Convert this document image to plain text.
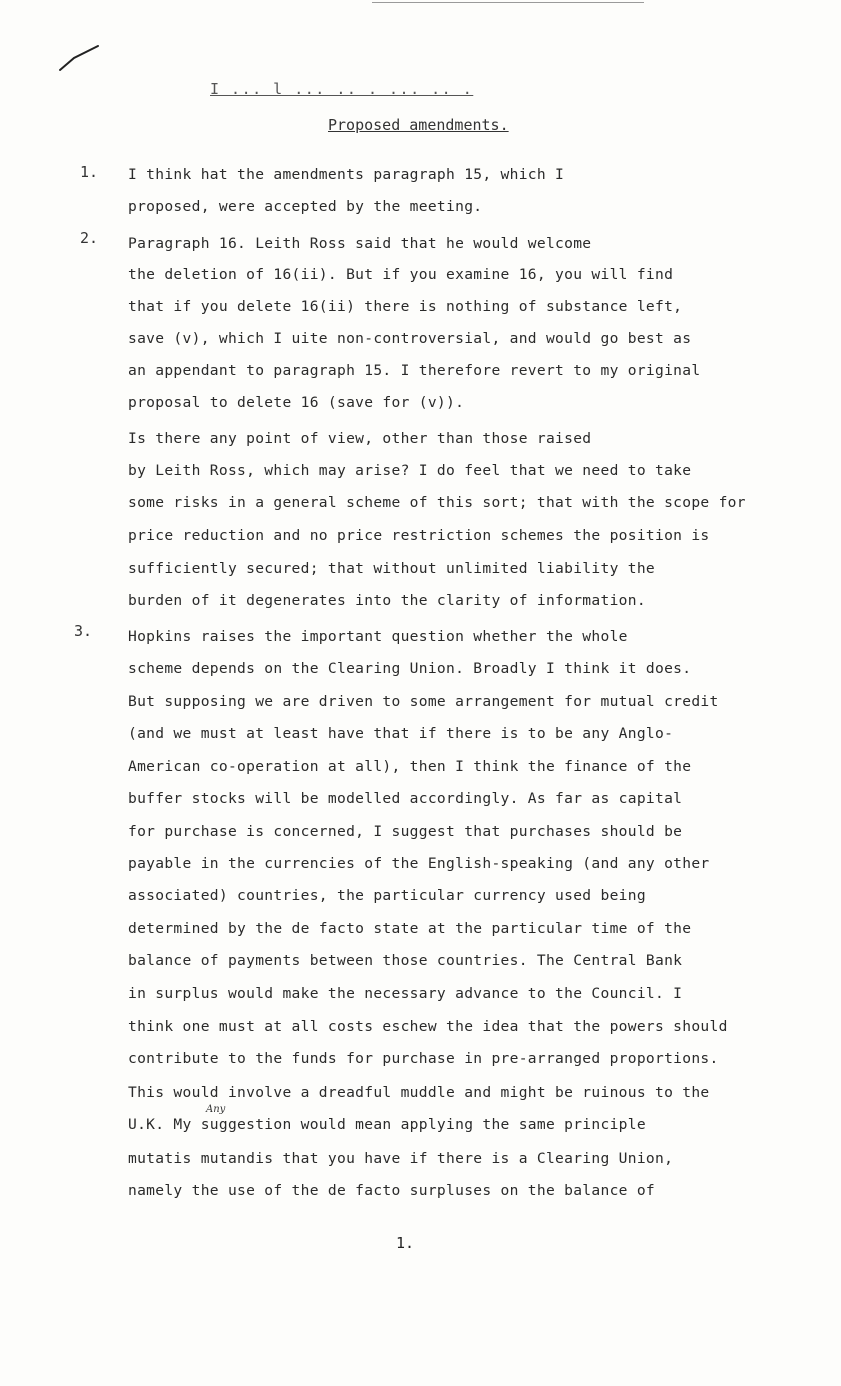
I ... l ... .. . ... .. .
Proposed amendments.
1. I think hat the amendments paragraph 15, which I
proposed, were accepted by the meeting.
2. Paragraph 16. Leith Ross said that he would welcome
the deletion of 16(ii). But if you examine 16, you will find
that if you delete 16(ii) there is nothing of substance left,
save (v), which I uite non-controversial, and would go best as
an appendant to paragraph 15. I therefore revert to my original
proposal to delete 16 (save for (v)).
Is there any point of view, other than those raised
by Leith Ross, which may arise? I do feel that we need to take
some risks in a general scheme of this sort; that with the scope for
price reduction and no price restriction schemes the position is
sufficiently secured; that without unlimited liability the
burden of it degenerates into the clarity of information.
3. Hopkins raises the important question whether the whole
scheme depends on the Clearing Union. Broadly I think it does.
But supposing we are driven to some arrangement for mutual credit
(and we must at least have that if there is to be any Anglo-
American co-operation at all), then I think the finance of the
buffer stocks will be modelled accordingly. As far as capital
for purchase is concerned, I suggest that purchases should be
payable in the currencies of the English-speaking (and any other
associated) countries, the particular currency used being
determined by the de facto state at the particular time of the
balance of payments between those countries. The Central Bank
in surplus would make the necessary advance to the Council. I
think one must at all costs eschew the idea that the powers should
contribute to the funds for purchase in pre-arranged proportions.
This would involve a dreadful muddle and might be ruinous to the
Any
U.K. My suggestion would mean applying the same principle
mutatis mutandis that you have if there is a Clearing Union,
namely the use of the de facto surpluses on the balance of
1.
